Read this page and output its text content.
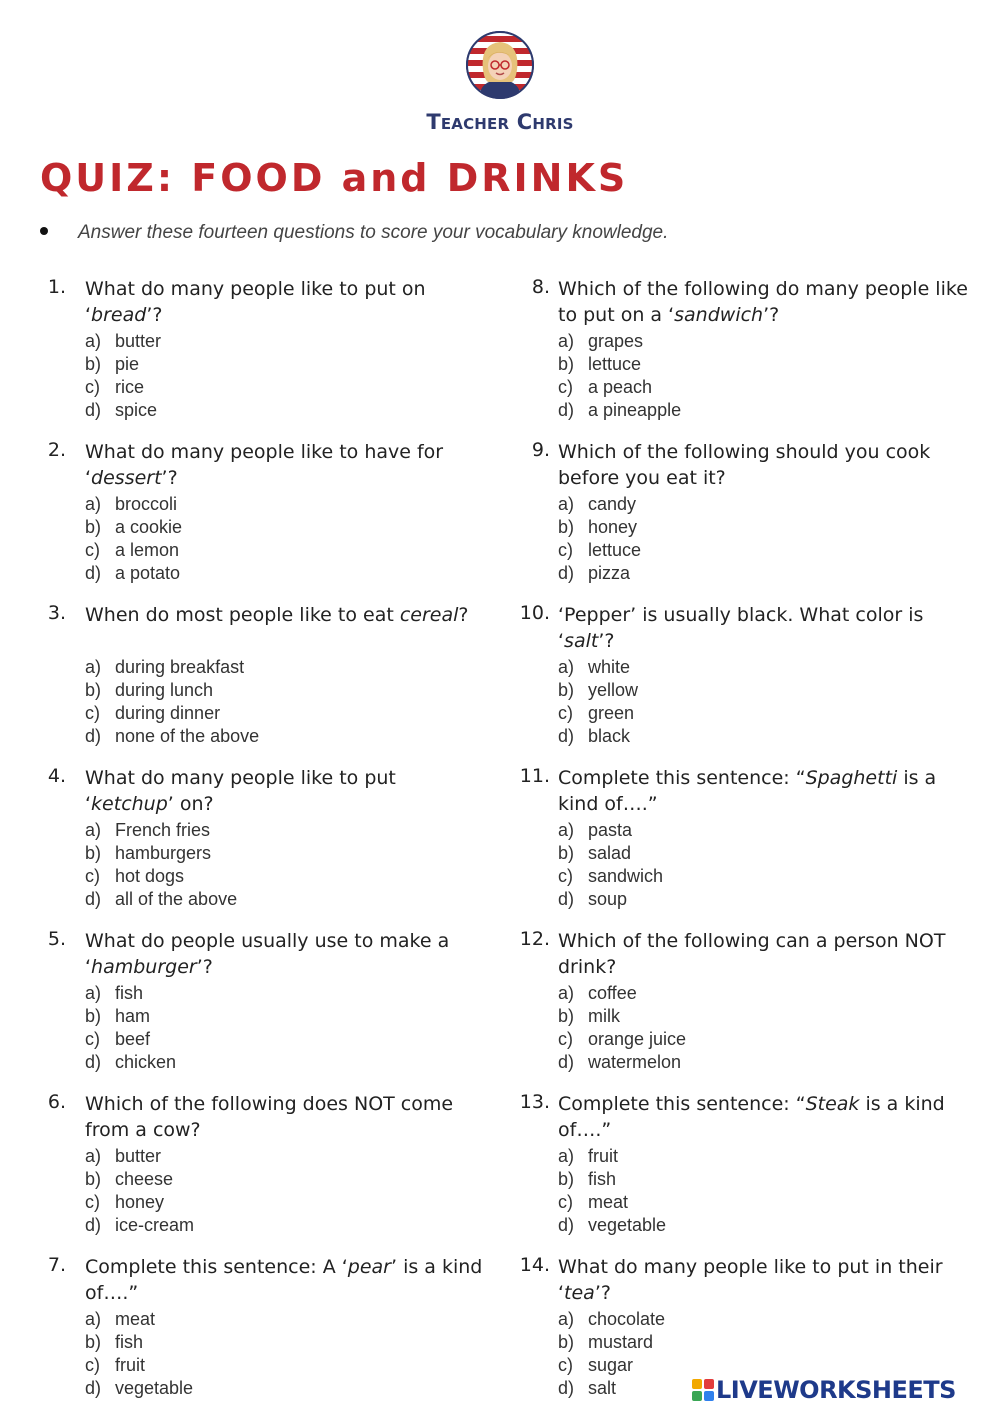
Teacher Chris
QUIZ: FOOD and DRINKS
Answer these fourteen questions to score your vocabulary knowledge.
1. What do many people like to put on ‘bread’?
a) butter
b) pie
c) rice
d) spice
2. What do many people like to have for ‘dessert’?
a) broccoli
b) a cookie
c) a lemon
d) a potato
3. When do most people like to eat cereal?
a) during breakfast
b) during lunch
c) during dinner
d) none of the above
4. What do many people like to put ‘ketchup’ on?
a) French fries
b) hamburgers
c) hot dogs
d) all of the above
5. What do people usually use to make a ‘hamburger’?
a) fish
b) ham
c) beef
d) chicken
6. Which of the following does NOT come from a cow?
a) butter
b) cheese
c) honey
d) ice-cream
7. Complete this sentence: A ‘pear’ is a kind of….”
a) meat
b) fish
c) fruit
d) vegetable
8. Which of the following do many people like to put on a ‘sandwich’?
a) grapes
b) lettuce
c) a peach
d) a pineapple
9. Which of the following should you cook before you eat it?
a) candy
b) honey
c) lettuce
d) pizza
10. ‘Pepper’ is usually black. What color is ‘salt’?
a) white
b) yellow
c) green
d) black
11. Complete this sentence: “Spaghetti is a kind of….”
a) pasta
b) salad
c) sandwich
d) soup
12. Which of the following can a person NOT drink?
a) coffee
b) milk
c) orange juice
d) watermelon
13. Complete this sentence: “Steak is a kind of….”
a) fruit
b) fish
c) meat
d) vegetable
14. What do many people like to put in their ‘tea’?
a) chocolate
b) mustard
c) sugar
d) salt	LIVEWORKSHEETS
